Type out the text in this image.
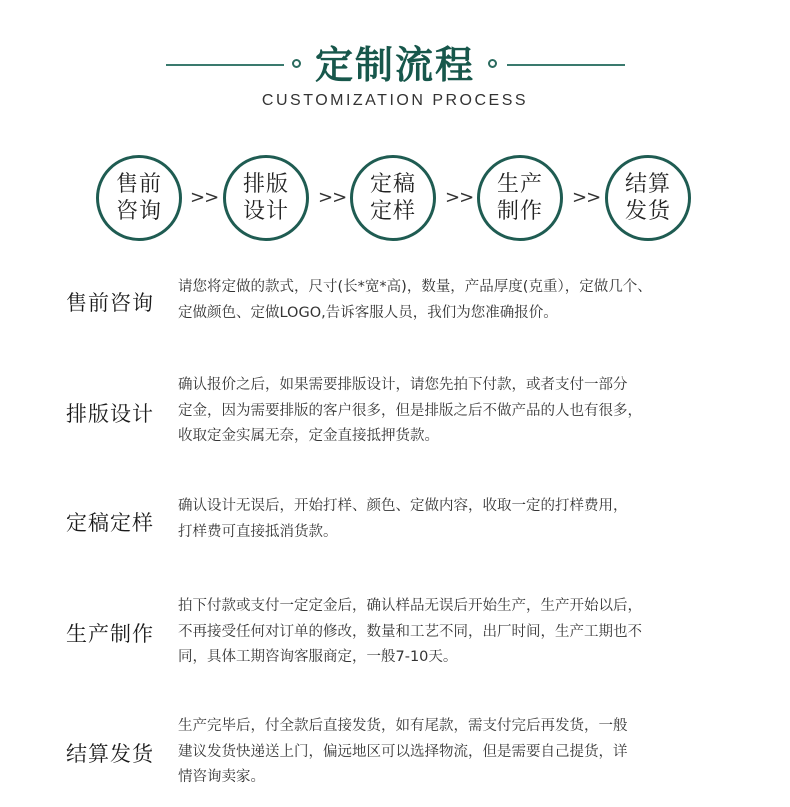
定制流程
CUSTOMIZATION PROCESS
售前
咨询
>>
排版
设计
>>
定稿
定样
>>
生产
制作
>>
结算
发货
售前咨询
请您将定做的款式，尺寸(长*宽*高)，数量，产品厚度(克重），定做几个、
定做颜色、定做LOGO,告诉客服人员，我们为您准确报价。
排版设计
确认报价之后，如果需要排版设计，请您先拍下付款，或者支付一部分
定金，因为需要排版的客户很多，但是排版之后不做产品的人也有很多，
收取定金实属无奈，定金直接抵押货款。
定稿定样
确认设计无误后，开始打样、颜色、定做内容，收取一定的打样费用，
打样费可直接抵消货款。
生产制作
拍下付款或支付一定定金后，确认样品无误后开始生产，生产开始以后，
不再接受任何对订单的修改，数量和工艺不同，出厂时间，生产工期也不
同，具体工期咨询客服商定，一般7-10天。
结算发货
生产完毕后，付全款后直接发货，如有尾款，需支付完后再发货，一般
建议发货快递送上门，偏远地区可以选择物流，但是需要自己提货，详
情咨询卖家。
